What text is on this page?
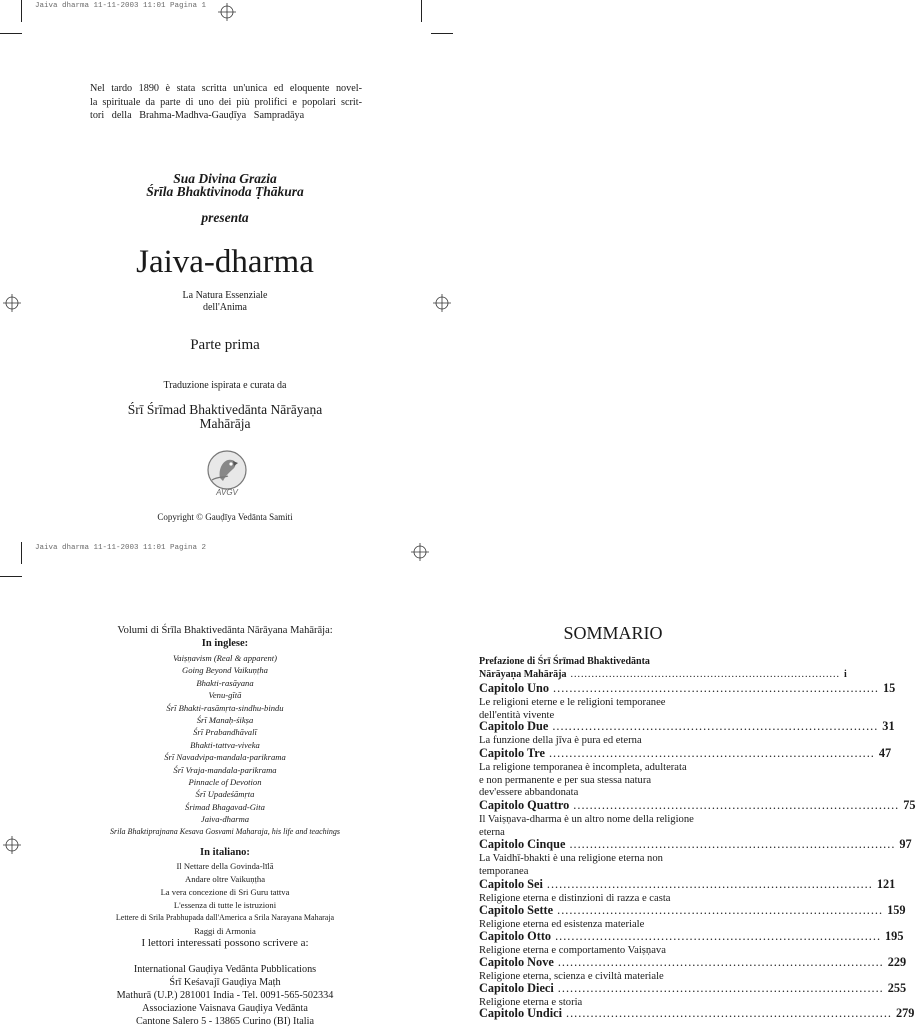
Jaiva dharma 11-11-2003 11:01 Pagina 1
Nel tardo 1890 è stata scritta un'unica ed eloquente novel-
la spirituale da parte di uno dei più prolifici e popolari scrit-
tori   della   Brahma-Madhva-Gauḍīya   Sampradāya
Sua Divina Grazia
Śrīla Bhaktivinoda Ṭhākura
presenta
Jaiva-dharma
La Natura Essenziale
dell'Anima
Parte prima
Traduzione ispirata e curata da
Śrī Śrīmad Bhaktivedānta Nārāyaṇa
Mahārāja
AVGV
Copyright © Gauḍīya Vedānta Samiti
Jaiva dharma 11-11-2003 11:01 Pagina 2
Volumi di Śrīla Bhaktivedānta Nārāyana Mahārāja:
In inglese:
Vaiṣṇavism (Real & apparent)
Going Beyond Vaikuṇṭha
Bhakti-rasāyana
Venu-gītā
Śrī Bhakti-rasāmṛta-sindhu-bindu
Śrī Manaḥ-śikṣa
Śrī Prabandhāvalī
Bhakti-tattva-viveka
Śrī Navadvipa-mandala-parikrama
Śrī Vraja-mandala-parikrama
Pinnacle of Devotion
Śrī Upadeśāmṛta
Śrimad Bhagavad-Gita
Jaiva-dharma
Srila Bhaktiprajnana Kesava Gosvami Maharaja, his life and teachings
In italiano:
Il Nettare della Govinda-līlā
Andare oltre Vaikuṇṭha
La vera concezione di Sri Guru tattva
L'essenza di tutte le istruzioni
Lettere di Srila Prabhupada dall'America a Srila Narayana Maharaja
Raggi di Armonia
I lettori interessati possono scrivere a:
International Gauḍiya Vedānta Pubblications
Śrī Keśavajī Gauḍiya Maṭh
Mathurā (U.P.) 281001 India - Tel. 0091-565-502334
Associazione Vaisnava Gauḍiya Vedānta
Cantone Salero 5 - 13865 Curino (BI) Italia
SOMMARIO
Prefazione di Śrī Śrīmad Bhaktivedānta
Nārāyaṇa Mahārāja ............................................................................. i
Capitolo Uno ................................................................................ 15
Le religioni eterne e le religioni temporanee
dell'entità vivente
Capitolo Due ................................................................................ 31
La funzione della jīva è pura ed eterna
Capitolo Tre ................................................................................ 47
La religione temporanea è incompleta, adulterata
e non permanente e per sua stessa natura
dev'essere abbandonata
Capitolo Quattro ................................................................................ 75
Il Vaiṣṇava-dharma è un altro nome della religione
eterna
Capitolo Cinque ................................................................................ 97
La Vaidhī-bhakti è una religione eterna non
temporanea
Capitolo Sei ................................................................................ 121
Religione eterna e distinzioni di razza e casta
Capitolo Sette ................................................................................ 159
Religione eterna ed esistenza materiale
Capitolo Otto ................................................................................ 195
Religione eterna e comportamento Vaiṣṇava
Capitolo Nove ................................................................................ 229
Religione eterna, scienza e civiltà materiale
Capitolo Dieci ................................................................................ 255
Religione eterna e storia
Capitolo Undici ................................................................................ 279
